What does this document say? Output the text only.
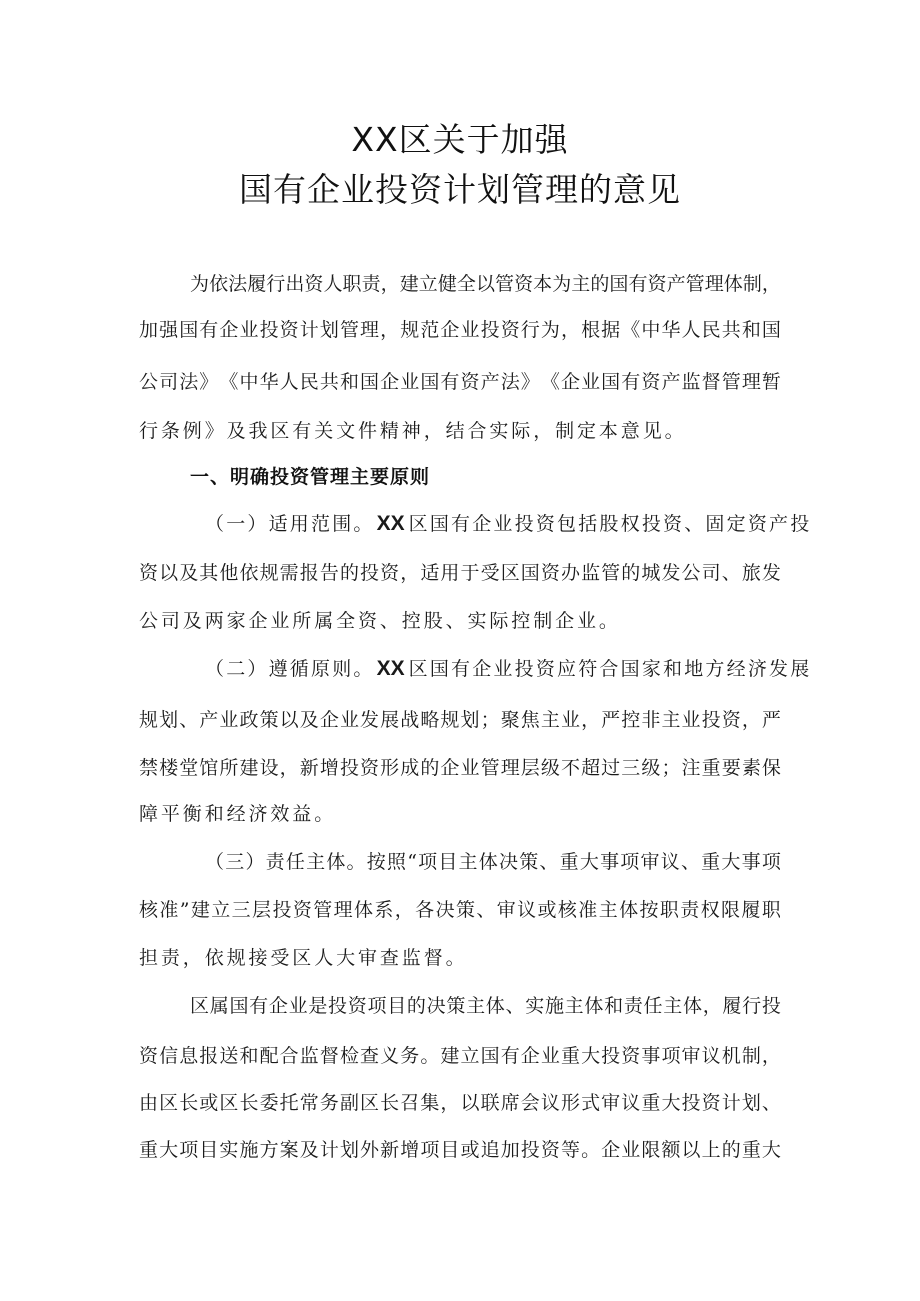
XX区关于加强
国有企业投资计划管理的意见
为 依 法 履 行 出 资 人 职 责 ， 建 立 健 全 以 管 资 本 为 主 的 国 有 资 产 管 理 体 制 ，
加 强 国 有 企 业 投 资 计 划 管 理 ， 规 范 企 业 投 资 行 为 ， 根 据 《 中 华 人 民 共 和 国
公 司 法 》 《 中 华 人 民 共 和 国 企 业 国 有 资 产 法 》 《 企 业 国 有 资 产 监 督 管 理 暂
行条例》及我区有关文件精神，结合实际，制定本意见。
一、明确投资管理主要原则
（一）适用范围。 XX 区国有企业投资包括股权投资、固定资产投
资 以 及 其 他 依 规 需 报 告 的 投 资 ， 适 用 于 受 区 国 资 办 监 管 的 城 发 公 司 、 旅 发
公司及两家企业所属全资、控股、实际控制企业。
（二）遵循原则。 XX 区国有企业投资应符合国家和地方经济发展
规 划 、 产 业 政 策 以 及 企 业 发 展 战 略 规 划 ； 聚 焦 主 业 ， 严 控 非 主 业 投 资 ， 严
禁 楼 堂 馆 所 建 设 ， 新 增 投 资 形 成 的 企 业 管 理 层 级 不 超 过 三 级 ； 注 重 要 素 保
障平衡和经济效益。
（ 三 ） 责 任 主 体 。 按 照 “ 项 目 主 体 决 策 、 重 大 事 项 审 议 、 重 大 事 项
核 准 ” 建 立 三 层 投 资 管 理 体 系 ， 各 决 策 、 审 议 或 核 准 主 体 按 职 责 权 限 履 职
担责，依规接受区人大审查监督。
区 属 国 有 企 业 是 投 资 项 目 的 决 策 主 体 、 实 施 主 体 和 责 任 主 体 ， 履 行 投
资 信 息 报 送 和 配 合 监 督 检 查 义 务 。 建 立 国 有 企 业 重 大 投 资 事 项 审 议 机 制 ，
由 区 长 或 区 长 委 托 常 务 副 区 长 召 集 ， 以 联 席 会 议 形 式 审 议 重 大 投 资 计 划 、
重 大 项 目 实 施 方 案 及 计 划 外 新 增 项 目 或 追 加 投 资 等 。 企 业 限 额 以 上 的 重 大
